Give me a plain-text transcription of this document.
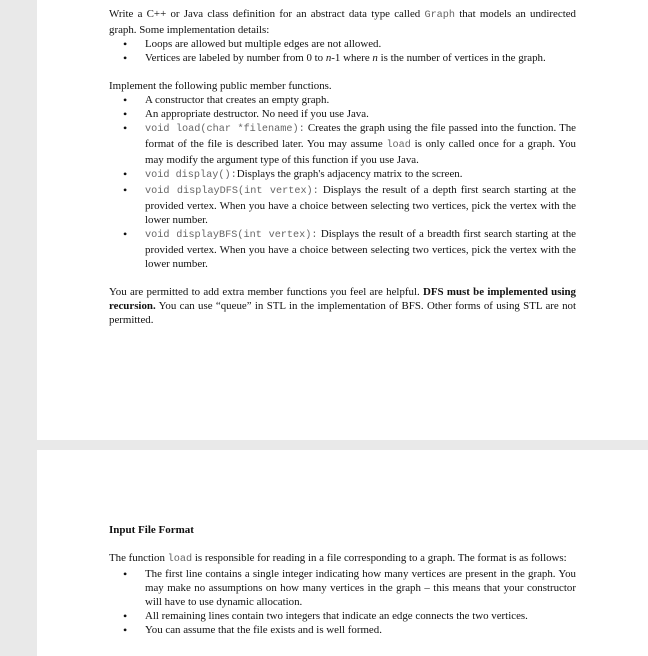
Write a C++ or Java class definition for an abstract data type called Graph that models an undirected graph. Some implementation details:

• Loops are allowed but multiple edges are not allowed.
• Vertices are labeled by number from 0 to n-1 where n is the number of vertices in the graph.

Implement the following public member functions.

• A constructor that creates an empty graph.
• An appropriate destructor. No need if you use Java.
• void load(char *filename): Creates the graph using the file passed into the function. The format of the file is described later. You may assume load is only called once for a graph. You may modify the argument type of this function if you use Java.
• void display():Displays the graph's adjacency matrix to the screen.
• void displayDFS(int vertex): Displays the result of a depth first search starting at the provided vertex. When you have a choice between selecting two vertices, pick the vertex with the lower number.
• void displayBFS(int vertex): Displays the result of a breadth first search starting at the provided vertex. When you have a choice between selecting two vertices, pick the vertex with the lower number.

You are permitted to add extra member functions you feel are helpful. DFS must be implemented using recursion. You can use “queue” in STL in the implementation of BFS. Other forms of using STL are not permitted.

Input File Format

The function load is responsible for reading in a file corresponding to a graph. The format is as follows:

• The first line contains a single integer indicating how many vertices are present in the graph. You may make no assumptions on how many vertices in the graph – this means that your constructor will have to use dynamic allocation.
• All remaining lines contain two integers that indicate an edge connects the two vertices.
• You can assume that the file exists and is well formed.
